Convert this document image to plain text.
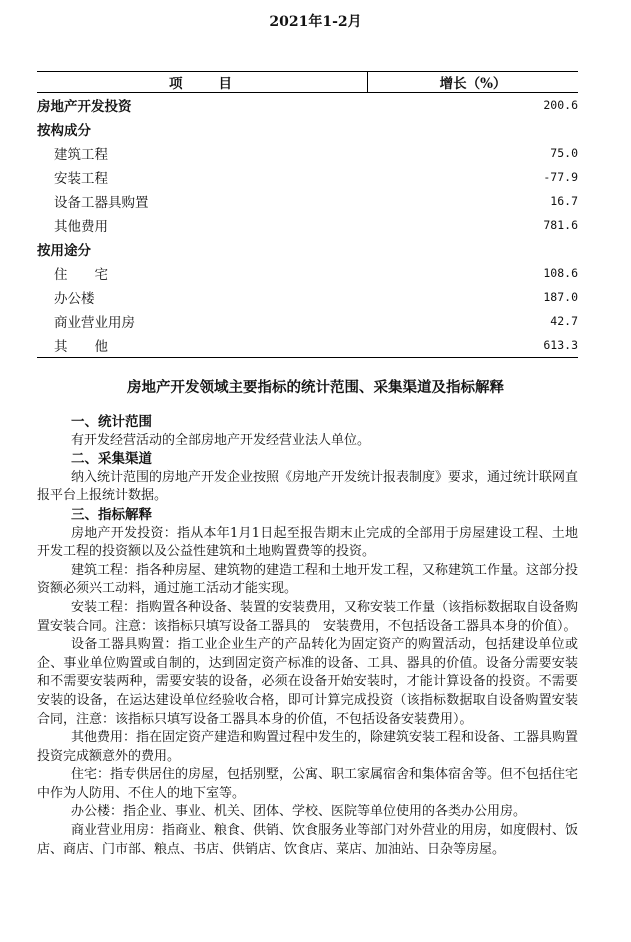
2021年1-2月
项　　目	增长（%）
房地产开发投资	200.6
按构成分	
建筑工程	75.0
安装工程	-77.9
设备工器具购置	16.7
其他费用	781.6
按用途分	
住　　宅	108.6
办公楼	187.0
商业营业用房	42.7
其　　他	613.3
房地产开发领域主要指标的统计范围、采集渠道及指标解释
一、统计范围

有开发经营活动的全部房地产开发经营业法人单位。

二、采集渠道

纳入统计范围的房地产开发企业按照《房地产开发统计报表制度》要求，通过统计联网直报平台上报统计数据。

三、指标解释

房地产开发投资：指从本年1月1日起至报告期末止完成的全部用于房屋建设工程、土地开发工程的投资额以及公益性建筑和土地购置费等的投资。

建筑工程：指各种房屋、建筑物的建造工程和土地开发工程，又称建筑工作量。这部分投资额必须兴工动料，通过施工活动才能实现。

安装工程：指购置各种设备、装置的安装费用，又称安装工作量（该指标数据取自设备购置安装合同。注意：该指标只填写设备工器具的　安装费用，不包括设备工器具本身的价值）。

设备工器具购置：指工业企业生产的产品转化为固定资产的购置活动，包括建设单位或企、事业单位购置或自制的，达到固定资产标准的设备、工具、器具的价值。设备分需要安装和不需要安装两种，需要安装的设备，必须在设备开始安装时，才能计算设备的投资。不需要安装的设备，在运达建设单位经验收合格，即可计算完成投资（该指标数据取自设备购置安装合同，注意：该指标只填写设备工器具本身的价值，不包括设备安装费用）。

其他费用：指在固定资产建造和购置过程中发生的，除建筑安装工程和设备、工器具购置投资完成额意外的费用。

住宅：指专供居住的房屋，包括别墅，公寓、职工家属宿舍和集体宿舍等。但不包括住宅中作为人防用、不住人的地下室等。

办公楼：指企业、事业、机关、团体、学校、医院等单位使用的各类办公用房。

商业营业用房：指商业、粮食、供销、饮食服务业等部门对外营业的用房，如度假村、饭店、商店、门市部、粮点、书店、供销店、饮食店、菜店、加油站、日杂等房屋。
